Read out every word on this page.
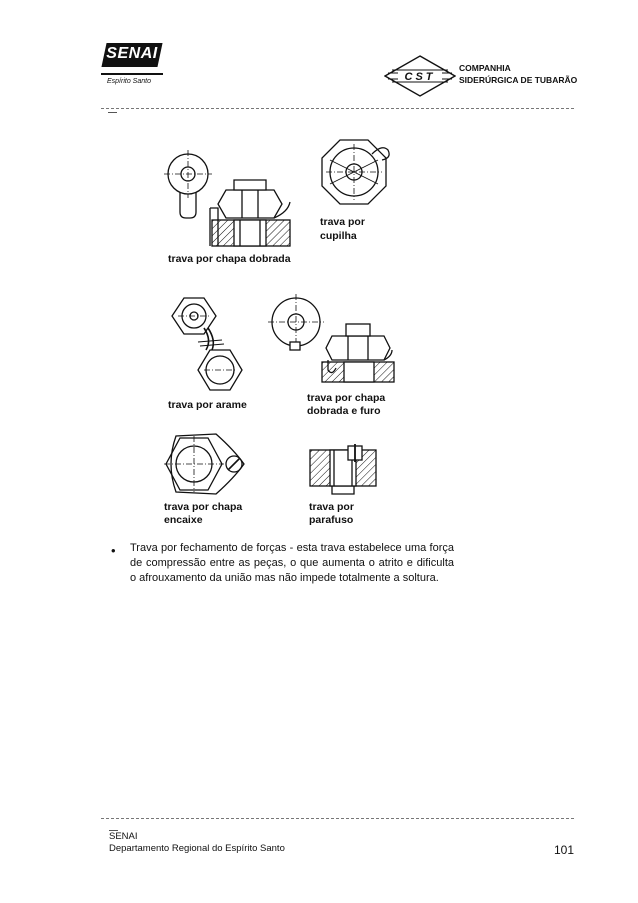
SENAI
Espírito Santo	CST
COMPANHIA
SIDERÚRGICA DE TUBARÃO
trava por chapa dobrada
trava por
cupilha
trava por arame
trava por chapa
dobrada e furo
trava por chapa
encaixe
trava por
parafuso
• Trava por fechamento de forças - esta trava estabelece uma força de compressão entre as peças, o que aumenta o atrito e dificulta o afrouxamento da união mas não impede totalmente a soltura.

SENAI
Departamento Regional do Espírito Santo	101
